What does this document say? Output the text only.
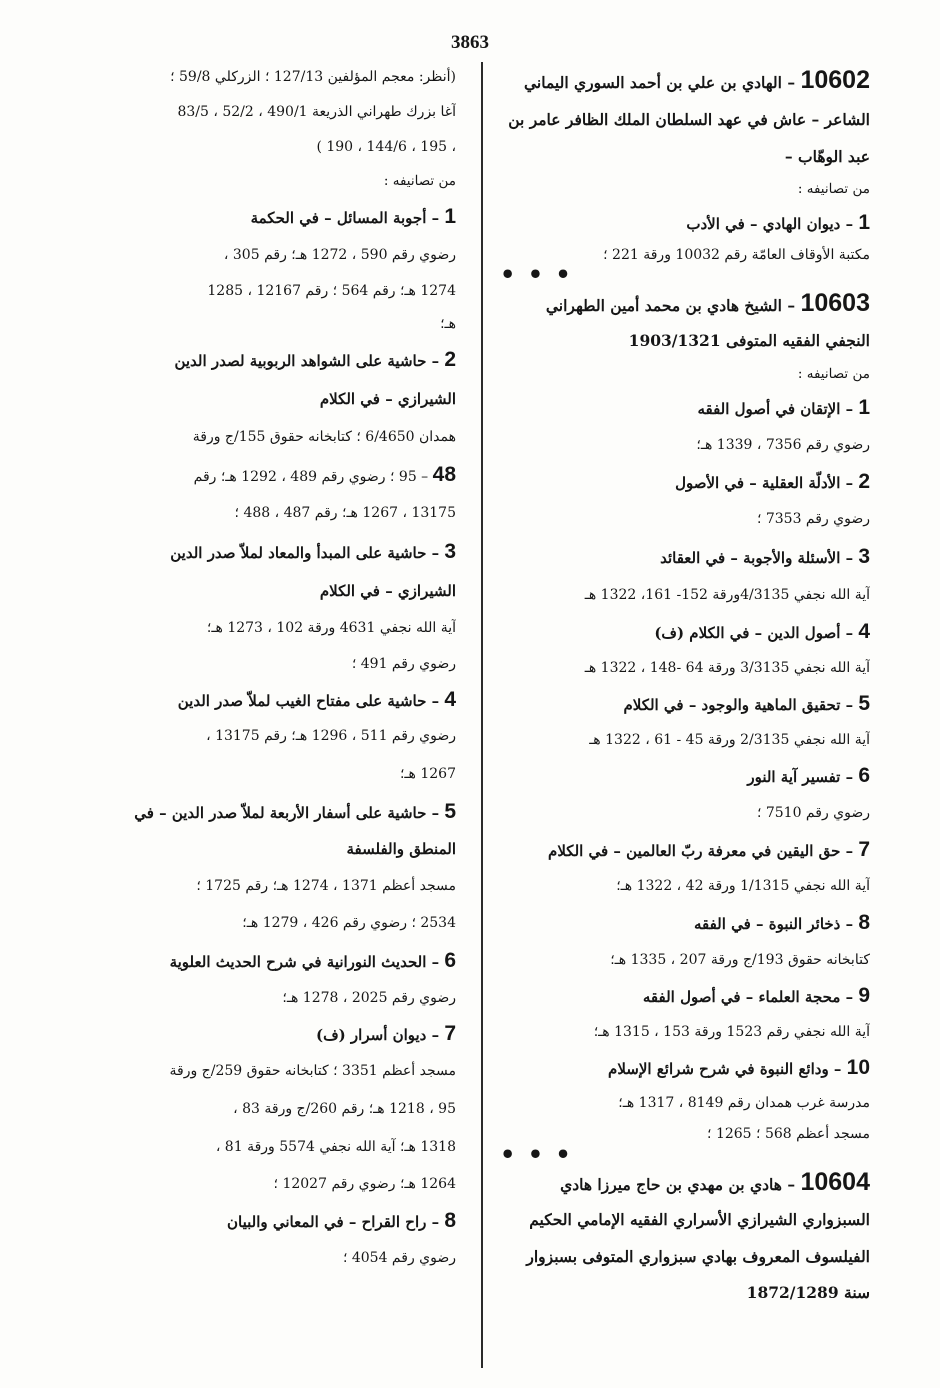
3863
10602 – الهادي بن علي بن أحمد السوري اليماني
الشاعر – عاش في عهد السلطان الملك الظافر عامر بن
عبد الوهّاب –
من تصانيفه :
1 – ديوان الهادي – في الأدب
مكتبة الأوقاف العامّة رقم 10032 ورقة 221 ؛
• • •
10603 – الشيخ هادي بن محمد أمين الطهراني
النجفي الفقيه المتوفى 1903/1321
من تصانيفه :
1 – الإتقان في أصول الفقه
رضوي رقم 7356 ، 1339 هـ؛
2 – الأدلّة العقلية – في الأصول
رضوي رقم 7353 ؛
3 – الأسئلة والأجوبة – في العقائد
آية الله نجفي 4/3135ورقة 152- 161، 1322 هـ
4 – أصول الدين – في الكلام (ف)
آية الله نجفي 3/3135 ورقة 64 -148 ، 1322 هـ
5 – تحقيق الماهية والوجود – في الكلام
آية الله نجفي 2/3135 ورقة 45 - 61 ، 1322 هـ
6 – تفسير آية النور
رضوي رقم 7510 ؛
7 – حق اليقين في معرفة ربّ العالمين – في الكلام
آية الله نجفي 1/1315 ورقة 42 ، 1322 هـ؛
8 – ذخائر النبوة – في الفقه
كتابخانه حقوق 193/ج ورقة 207 ، 1335 هـ؛
9 – محجة العلماء – في أصول الفقه
آية الله نجفي رقم 1523 ورقة 153 ، 1315 هـ؛
10 – ودائع النبوة في شرح شرائع الإسلام
مدرسة غرب همدان رقم 8149 ، 1317 هـ؛
مسجد أعظم 568 ؛ 1265 ؛
• • •
10604 – هادي بن مهدي بن حاج ميرزا هادي
السبزواري الشيرازي الأسراري الفقيه الإمامي الحكيم
الفيلسوف المعروف بهادي سبزواري المتوفى بسبزوار
سنة 1872/1289
(أنظر: معجم المؤلفين 127/13 ؛ الزركلي 59/8 ؛
آغا بزرك طهراني الذريعة 490/1 ، 52/2 ، 83/5
، 195 ، 144/6 ، 190 )
من تصانيفه :
1 – أجوبة المسائل – في الحكمة
رضوي رقم 590 ، 1272 هـ؛ رقم 305 ،
1274 هـ؛ رقم 564 ؛ رقم 12167 ، 1285
هـ؛
2 – حاشية على الشواهد الربوبية لصدر الدين
الشيرازي – في الكلام
همدان 6/4650 ؛ كتابخانه حقوق 155/ج ورقة
48 – 95 ؛ رضوي رقم 489 ، 1292 هـ؛ رقم
13175 ، 1267 هـ؛ رقم 487 ، 488 ؛
3 – حاشية على المبدأ والمعاد لملاّ صدر الدين
الشيرازي – في الكلام
آية الله نجفي 4631 ورقة 102 ، 1273 هـ؛
رضوي رقم 491 ؛
4 – حاشية على مفتاح الغيب لملاّ صدر الدين
رضوي رقم 511 ، 1296 هـ؛ رقم 13175 ،
1267 هـ؛
5 – حاشية على أسفار الأربعة لملاّ صدر الدين – في
المنطق والفلسفة
مسجد أعظم 1371 ، 1274 هـ؛ رقم 1725 ؛
2534 ؛ رضوي رقم 426 ، 1279 هـ؛
6 – الحديث النورانية في شرح الحديث العلوية
رضوي رقم 2025 ، 1278 هـ؛
7 – ديوان أسرار (ف)
مسجد أعظم 3351 ؛ كتابخانه حقوق 259/ج ورقة
95 ، 1218 هـ؛ رقم 260/ج ورقة 83 ،
1318 هـ؛ آية الله نجفي 5574 ورقة 81 ،
1264 هـ؛ رضوي رقم 12027 ؛
8 – راح القراح – في المعاني والبيان
رضوي رقم 4054 ؛
